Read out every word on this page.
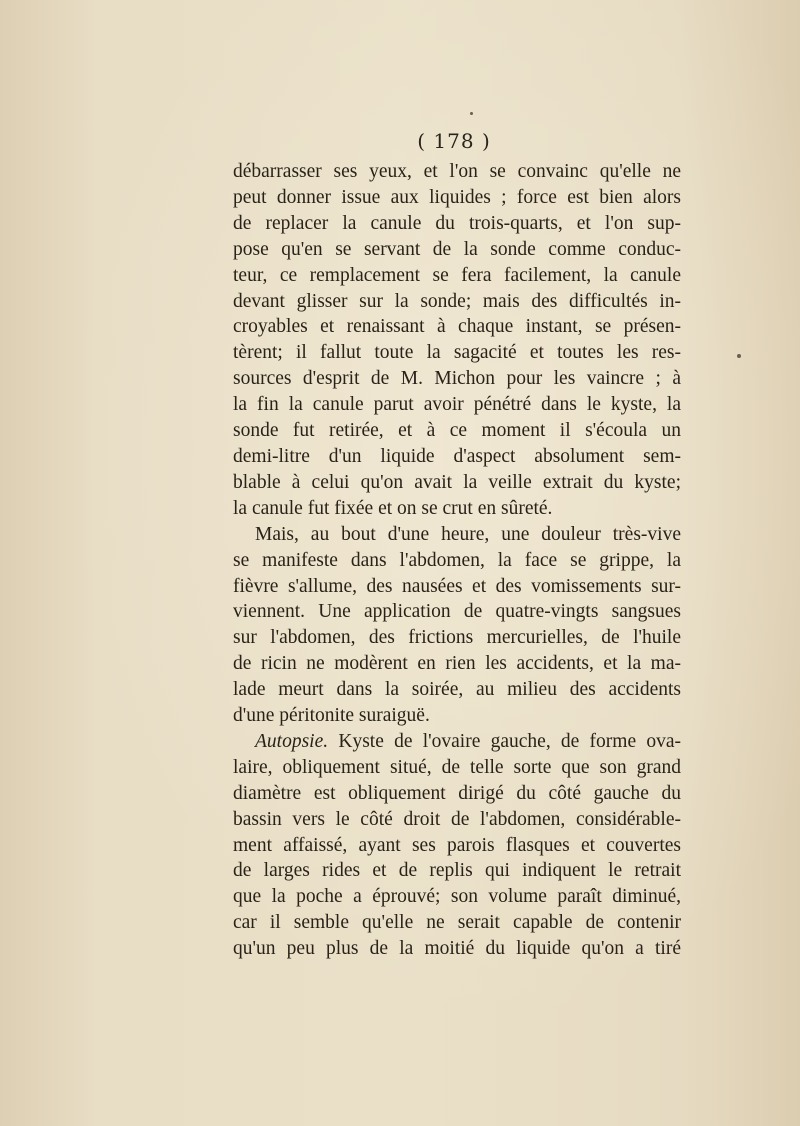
( 178 )
débarrasser ses yeux, et l'on se convainc qu'elle ne
peut donner issue aux liquides ; force est bien alors
de replacer la canule du trois-quarts, et l'on sup-
pose qu'en se servant de la sonde comme conduc-
teur, ce remplacement se fera facilement, la canule
devant glisser sur la sonde; mais des difficultés in-
croyables et renaissant à chaque instant, se présen-
tèrent; il fallut toute la sagacité et toutes les res-
sources d'esprit de M. Michon pour les vaincre ; à
la fin la canule parut avoir pénétré dans le kyste, la
sonde fut retirée, et à ce moment il s'écoula un
demi-litre d'un liquide d'aspect absolument sem-
blable à celui qu'on avait la veille extrait du kyste;
la canule fut fixée et on se crut en sûreté.
Mais, au bout d'une heure, une douleur très-vive
se manifeste dans l'abdomen, la face se grippe, la
fièvre s'allume, des nausées et des vomissements sur-
viennent. Une application de quatre-vingts sangsues
sur l'abdomen, des frictions mercurielles, de l'huile
de ricin ne modèrent en rien les accidents, et la ma-
lade meurt dans la soirée, au milieu des accidents
d'une péritonite suraiguë.
Autopsie. Kyste de l'ovaire gauche, de forme ova-
laire, obliquement situé, de telle sorte que son grand
diamètre est obliquement dirigé du côté gauche du
bassin vers le côté droit de l'abdomen, considérable-
ment affaissé, ayant ses parois flasques et couvertes
de larges rides et de replis qui indiquent le retrait
que la poche a éprouvé; son volume paraît diminué,
car il semble qu'elle ne serait capable de contenir
qu'un peu plus de la moitié du liquide qu'on a tiré
